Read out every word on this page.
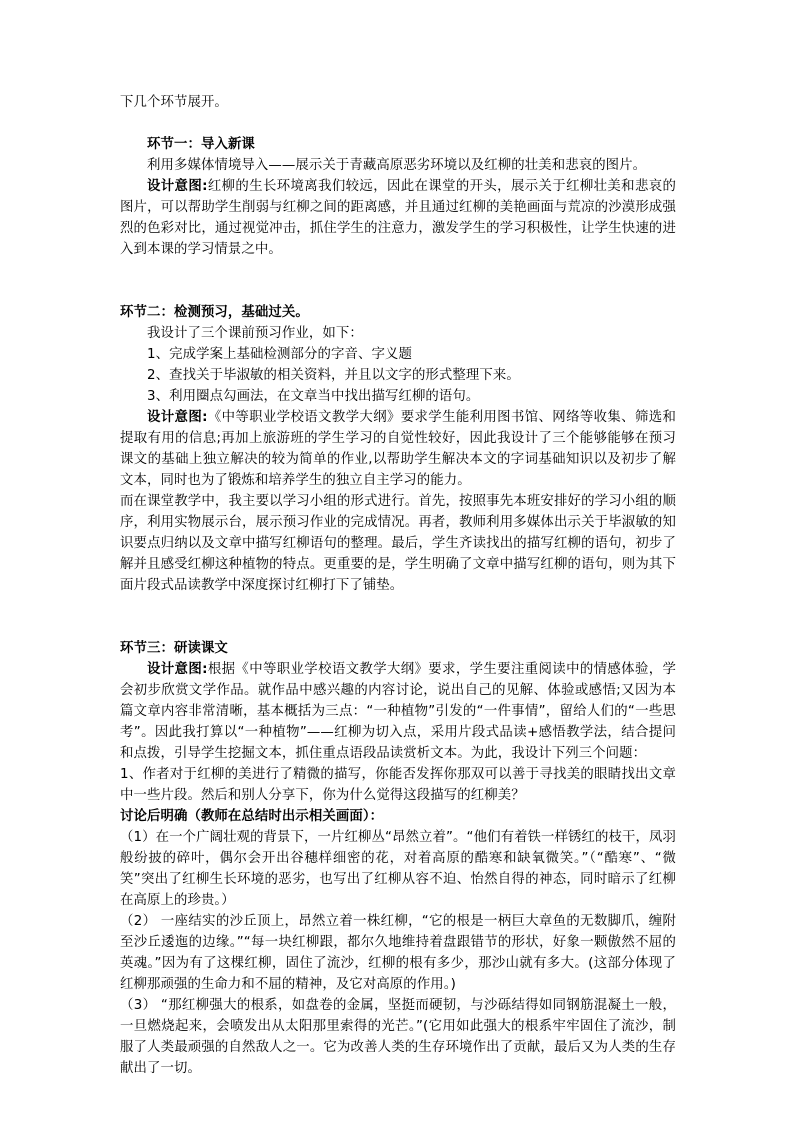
下几个环节展开。

环节一：导入新课

利用多媒体情境导入——展示关于青藏高原恶劣环境以及红柳的壮美和悲哀的图片。

设计意图:红柳的生长环境离我们较远，因此在课堂的开头，展示关于红柳壮美和悲哀的图片，可以帮助学生削弱与红柳之间的距离感，并且通过红柳的美艳画面与荒凉的沙漠形成强烈的色彩对比，通过视觉冲击，抓住学生的注意力，激发学生的学习积极性，让学生快速的进入到本课的学习情景之中。

环节二：检测预习，基础过关。

我设计了三个课前预习作业，如下：

1、完成学案上基础检测部分的字音、字义题

2、查找关于毕淑敏的相关资料，并且以文字的形式整理下来。

3、利用圈点勾画法，在文章当中找出描写红柳的语句。

设计意图:《中等职业学校语文教学大纲》要求学生能利用图书馆、网络等收集、筛选和提取有用的信息;再加上旅游班的学生学习的自觉性较好，因此我设计了三个能够能够在预习课文的基础上独立解决的较为简单的作业,以帮助学生解决本文的字词基础知识以及初步了解文本，同时也为了锻炼和培养学生的独立自主学习的能力。

而在课堂教学中，我主要以学习小组的形式进行。首先，按照事先本班安排好的学习小组的顺序，利用实物展示台，展示预习作业的完成情况。再者，教师利用多媒体出示关于毕淑敏的知识要点归纳以及文章中描写红柳语句的整理。最后，学生齐读找出的描写红柳的语句，初步了解并且感受红柳这种植物的特点。更重要的是，学生明确了文章中描写红柳的语句，则为其下面片段式品读教学中深度探讨红柳打下了铺垫。

环节三：研读课文

设计意图:根据《中等职业学校语文教学大纲》要求，学生要注重阅读中的情感体验，学会初步欣赏文学作品。就作品中感兴趣的内容讨论，说出自己的见解、体验或感悟;又因为本篇文章内容非常清晰，基本概括为三点：“一种植物”引发的“一件事情”，留给人们的“一些思考”。因此我打算以“一种植物”——红柳为切入点，采用片段式品读+感悟教学法，结合提问和点拨，引导学生挖掘文本，抓住重点语段品读赏析文本。为此，我设计下列三个问题：

1、作者对于红柳的美进行了精微的描写，你能否发挥你那双可以善于寻找美的眼睛找出文章中一些片段。然后和别人分享下，你为什么觉得这段描写的红柳美？

讨论后明确（教师在总结时出示相关画面）：

（1）在一个广阔壮观的背景下，一片红柳丛“昂然立着”。“他们有着铁一样锈红的枝干，凤羽般纷披的碎叶，偶尔会开出谷穗样细密的花，对着高原的酷寒和缺氧微笑。”（“酷寒”、“微笑”突出了红柳生长环境的恶劣，也写出了红柳从容不迫、怡然自得的神态，同时暗示了红柳在高原上的珍贵。）

（2） 一座结实的沙丘顶上，昂然立着一株红柳，“它的根是一柄巨大章鱼的无数脚爪，缠附至沙丘逶迤的边缘。”“每一块红柳跟，都尔久地维持着盘跟错节的形状，好象一颗傲然不屈的英魂。”因为有了这棵红柳，固住了流沙，红柳的根有多少，那沙山就有多大。(这部分体现了红柳那顽强的生命力和不屈的精神，及它对高原的作用。)

（3） “那红柳强大的根系，如盘卷的金属，坚挺而硬韧，与沙砾结得如同钢筋混凝土一般，一旦燃烧起来，会喷发出从太阳那里索得的光芒。”(它用如此强大的根系牢牢固住了流沙，制服了人类最顽强的自然敌人之一。它为改善人类的生存环境作出了贡献，最后又为人类的生存献出了一切。
